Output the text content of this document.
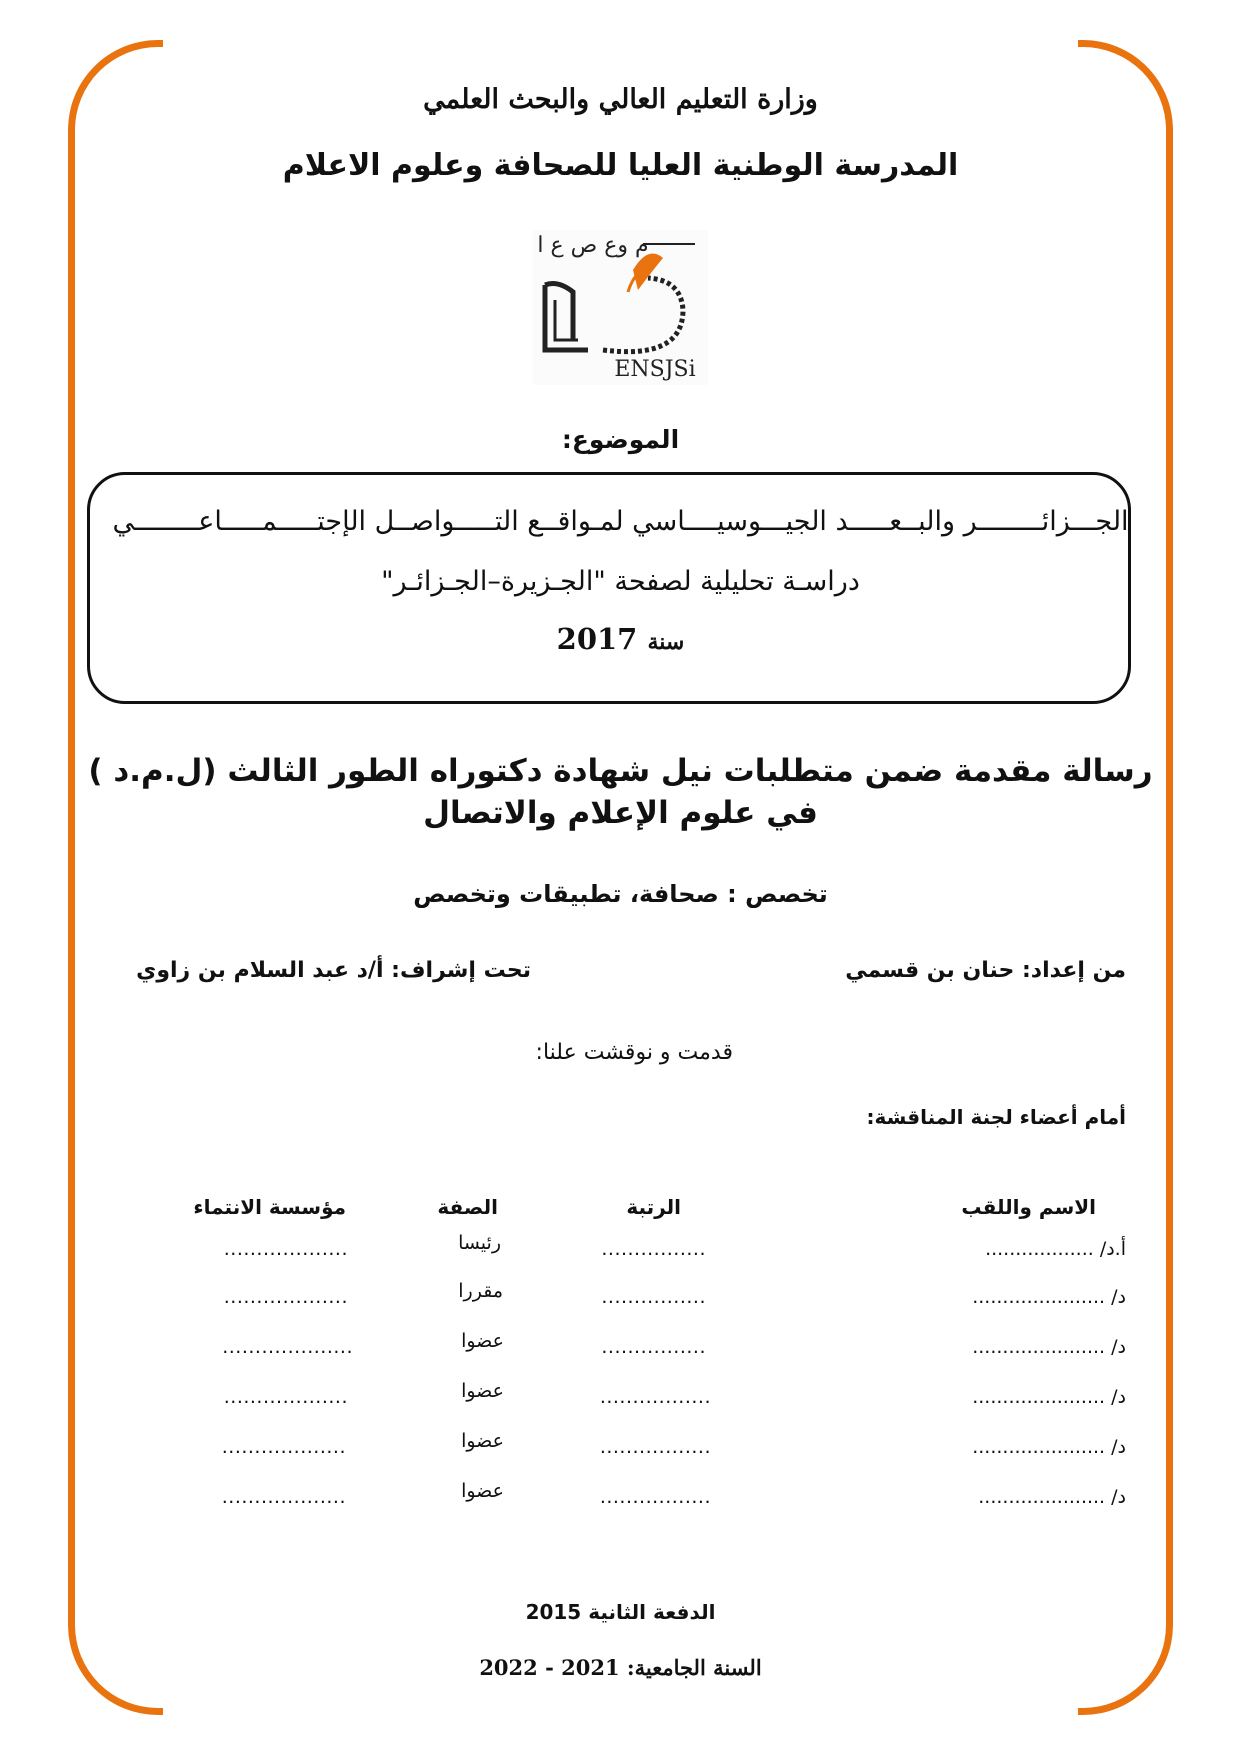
وزارة التعليم العالي والبحث العلمي
المدرسة الوطنية العليا للصحافة وعلوم الاعلام
م وع ص ع ا
ENSJSi
الموضوع:
الجـــزائــــــــر والبــعـــــد الجيـــوسيــــاسي لمـواقــع التـــــواصــل الإجتـــــمـــــاعــــــــي
دراسـة تحليلية لصفحة "الجـزيرة–الجـزائـر"
سنة 2017
رسالة مقدمة ضمن متطلبات نيل شهادة دكتوراه الطور الثالث (ل.م.د )
في علوم الإعلام والاتصال
تخصص : صحافة، تطبيقات وتخصص
من إعداد: حنان بن قسمي
تحت إشراف: أ/د عبد السلام بن زاوي
قدمت و نوقشت علنا:
أمام أعضاء لجنة المناقشة:
الاسم واللقب
الرتبة
الصفة
مؤسسة الانتماء
أ.د/ ..................
................
رئيسا
...................
د/ ......................
................
مقررا
...................
د/ ......................
................
عضوا
....................
د/ ......................
.................
عضوا
...................
د/ ......................
.................
عضوا
...................
د/ .....................
.................
عضوا
...................
الدفعة الثانية 2015
السنة الجامعية: 2021 - 2022
